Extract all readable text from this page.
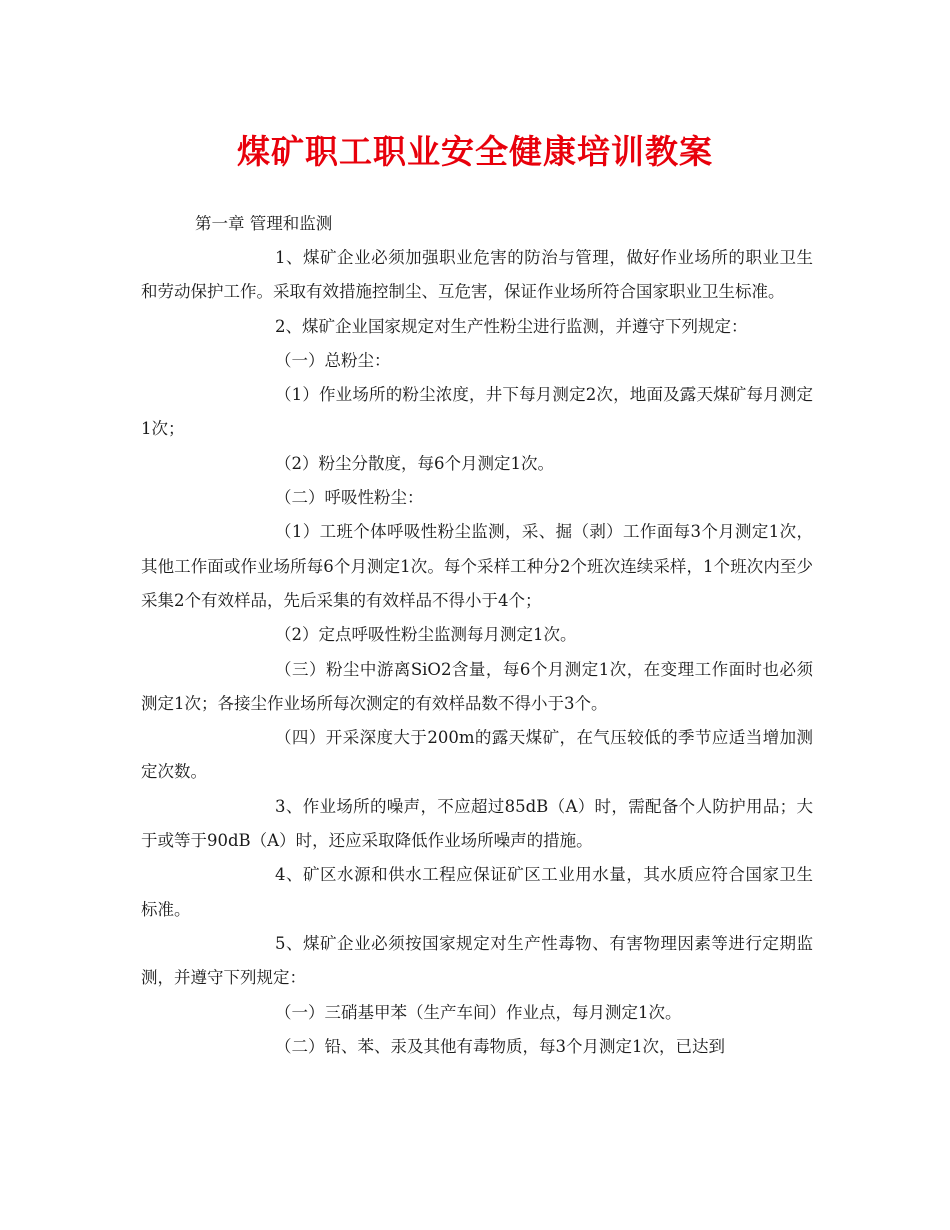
煤矿职工职业安全健康培训教案

第一章 管理和监测

1、煤矿企业必须加强职业危害的防治与管理，做好作业场所的职业卫生和劳动保护工作。采取有效措施控制尘、互危害，保证作业场所符合国家职业卫生标准。

2、煤矿企业国家规定对生产性粉尘进行监测，并遵守下列规定：

（一）总粉尘：

（1）作业场所的粉尘浓度，井下每月测定2次，地面及露天煤矿每月测定1次；

（2）粉尘分散度，每6个月测定1次。

（二）呼吸性粉尘：

（1）工班个体呼吸性粉尘监测，采、掘（剥）工作面每3个月测定1次，其他工作面或作业场所每6个月测定1次。每个采样工种分2个班次连续采样，1个班次内至少采集2个有效样品，先后采集的有效样品不得小于4个；

（2）定点呼吸性粉尘监测每月测定1次。

（三）粉尘中游离SiO2含量，每6个月测定1次，在变理工作面时也必须测定1次；各接尘作业场所每次测定的有效样品数不得小于3个。

（四）开采深度大于200m的露天煤矿，在气压较低的季节应适当增加测定次数。

3、作业场所的噪声，不应超过85dB（A）时，需配备个人防护用品；大于或等于90dB（A）时，还应采取降低作业场所噪声的措施。

4、矿区水源和供水工程应保证矿区工业用水量，其水质应符合国家卫生标准。

5、煤矿企业必须按国家规定对生产性毒物、有害物理因素等进行定期监测，并遵守下列规定：

（一）三硝基甲苯（生产车间）作业点，每月测定1次。

（二）铅、苯、汞及其他有毒物质，每3个月测定1次，已达到
